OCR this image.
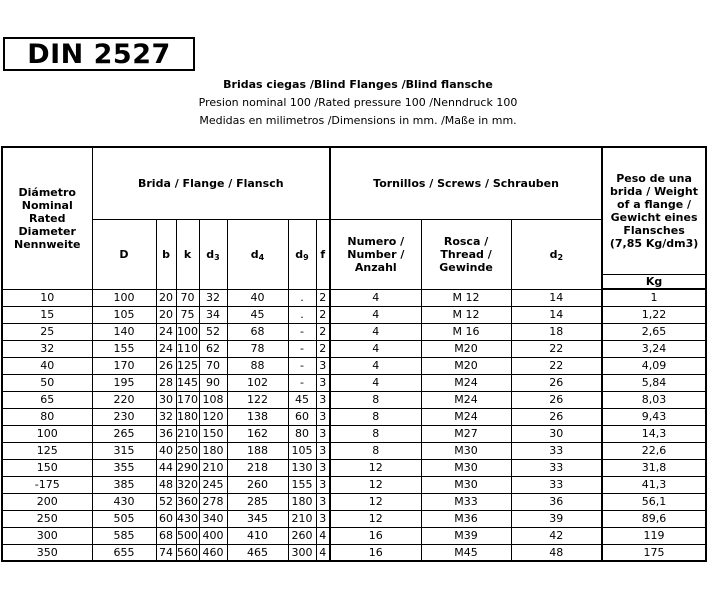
DIN 2527
Bridas ciegas /Blind Flanges /Blind flansche
Presion nominal 100 /Rated pressure 100 /Nenndruck 100
Medidas en milimetros /Dimensions in mm. /Maße in mm.
Diámetro Nominal Rated Diameter Nennweite	Brida / Flange / Flansch							Tornillos / Screws / Schrauben			Peso de una brida / Weight of a flange / Gewicht eines Flansches (7,85 Kg/dm3)
	D	b	k	$d_3$	$d_4$	$d_9$	f	Numero / Number / Anzahl	Rosca / Thread / Gewinde	$d_2$
											Kg
10	100	20	70	32	40	.	2	4	M 12	14	1
15	105	20	75	34	45	.	2	4	M 12	14	1,22
25	140	24	100	52	68	-	2	4	M 16	18	2,65
32	155	24	110	62	78	-	2	4	M20	22	3,24
40	170	26	125	70	88	-	3	4	M20	22	4,09
50	195	28	145	90	102	-	3	4	M24	26	5,84
65	220	30	170	108	122	45	3	8	M24	26	8,03
80	230	32	180	120	138	60	3	8	M24	26	9,43
100	265	36	210	150	162	80	3	8	M27	30	14,3
125	315	40	250	180	188	105	3	8	M30	33	22,6
150	355	44	290	210	218	130	3	12	M30	33	31,8
-175	385	48	320	245	260	155	3	12	M30	33	41,3
200	430	52	360	278	285	180	3	12	M33	36	56,1
250	505	60	430	340	345	210	3	12	M36	39	89,6
300	585	68	500	400	410	260	4	16	M39	42	119
350	655	74	560	460	465	300	4	16	M45	48	175
